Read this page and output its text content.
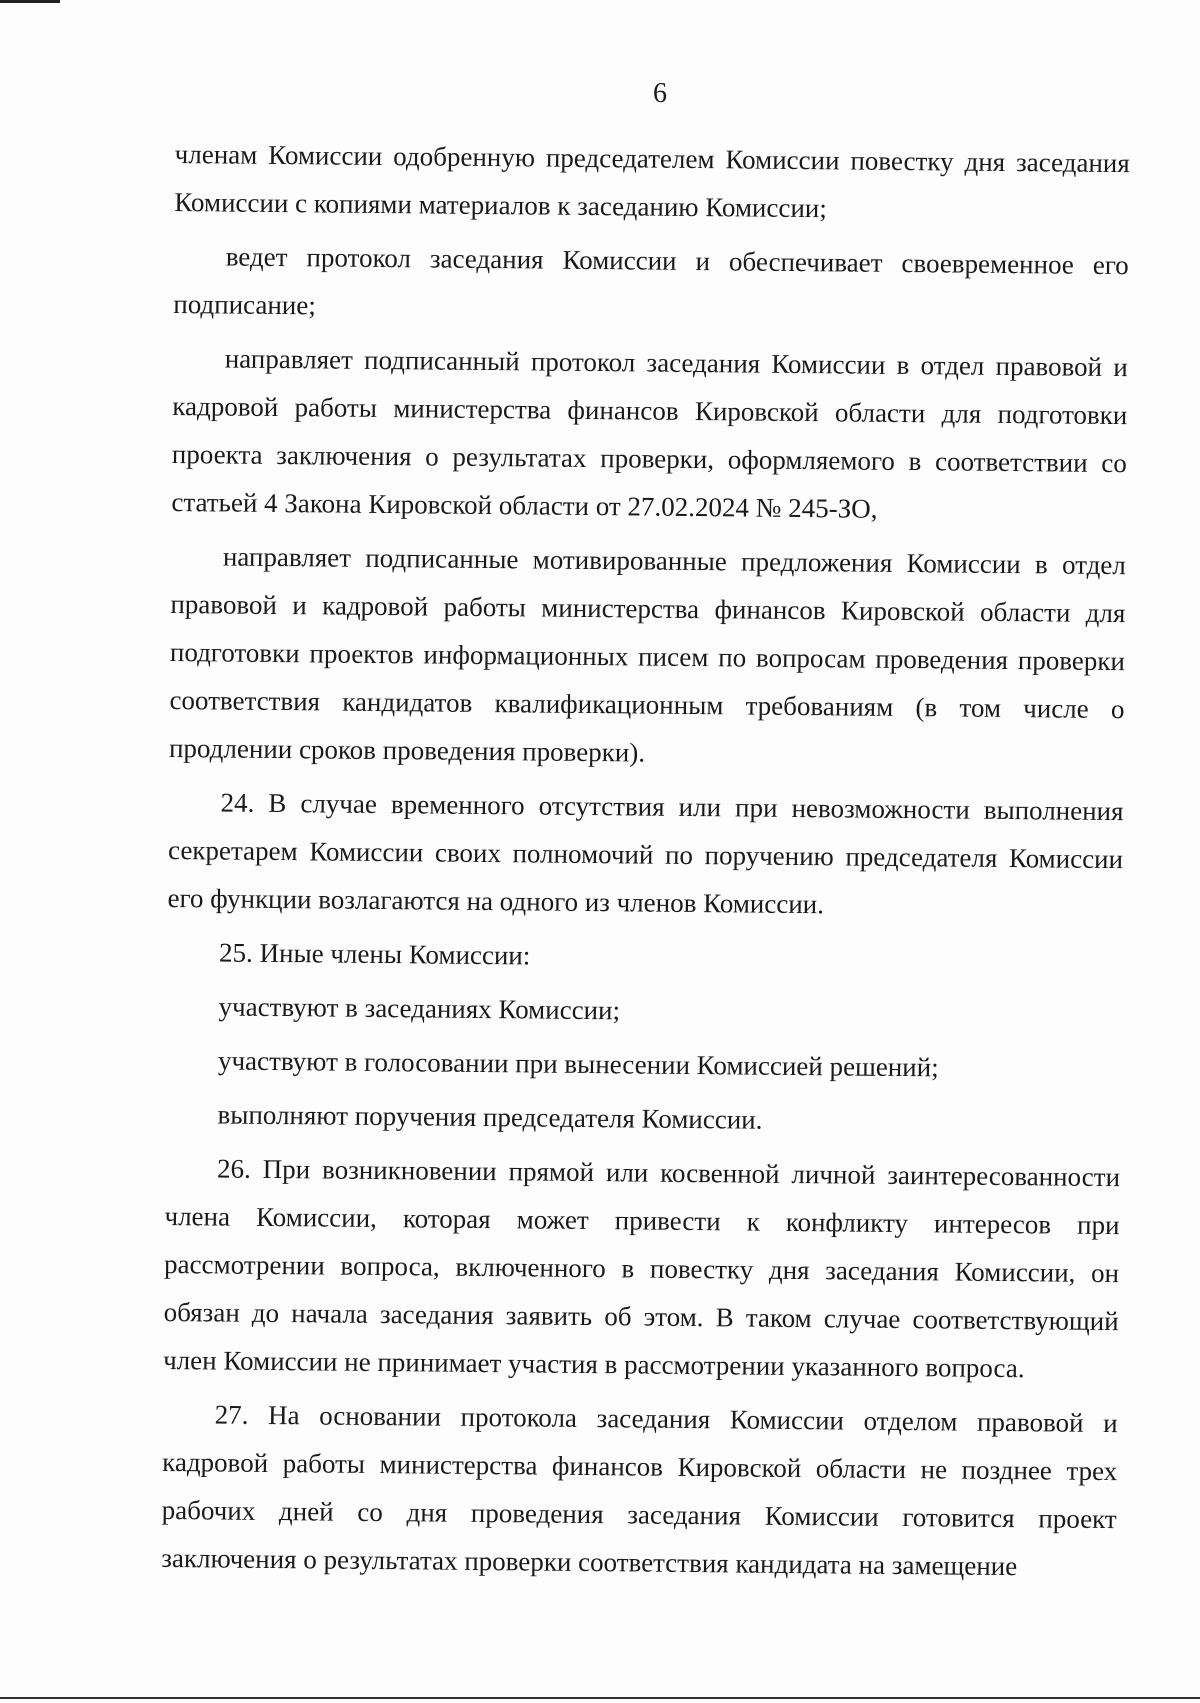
6

членам Комиссии одобренную председателем Комиссии повестку дня заседания Комиссии с копиями материалов к заседанию Комиссии;

ведет протокол заседания Комиссии и обеспечивает своевременное его подписание;

направляет подписанный протокол заседания Комиссии в отдел правовой и кадровой работы министерства финансов Кировской области для подготовки проекта заключения о результатах проверки, оформляемого в соответствии со статьей 4 Закона Кировской области от 27.02.2024 № 245-ЗО,

направляет подписанные мотивированные предложения Комиссии в отдел правовой и кадровой работы министерства финансов Кировской области для подготовки проектов информационных писем по вопросам проведения проверки соответствия кандидатов квалификационным требованиям (в том числе о продлении сроков проведения проверки).

24. В случае временного отсутствия или при невозможности выполнения секретарем Комиссии своих полномочий по поручению председателя Комиссии его функции возлагаются на одного из членов Комиссии.

25. Иные члены Комиссии:

участвуют в заседаниях Комиссии;

участвуют в голосовании при вынесении Комиссией решений;

выполняют поручения председателя Комиссии.

26. При возникновении прямой или косвенной личной заинтересованности члена Комиссии, которая может привести к конфликту интересов при рассмотрении вопроса, включенного в повестку дня заседания Комиссии, он обязан до начала заседания заявить об этом. В таком случае соответствующий член Комиссии не принимает участия в рассмотрении указанного вопроса.

27. На основании протокола заседания Комиссии отделом правовой и кадровой работы министерства финансов Кировской области не позднее трех рабочих дней со дня проведения заседания Комиссии готовится проект заключения о результатах проверки соответствия кандидата на замещение
